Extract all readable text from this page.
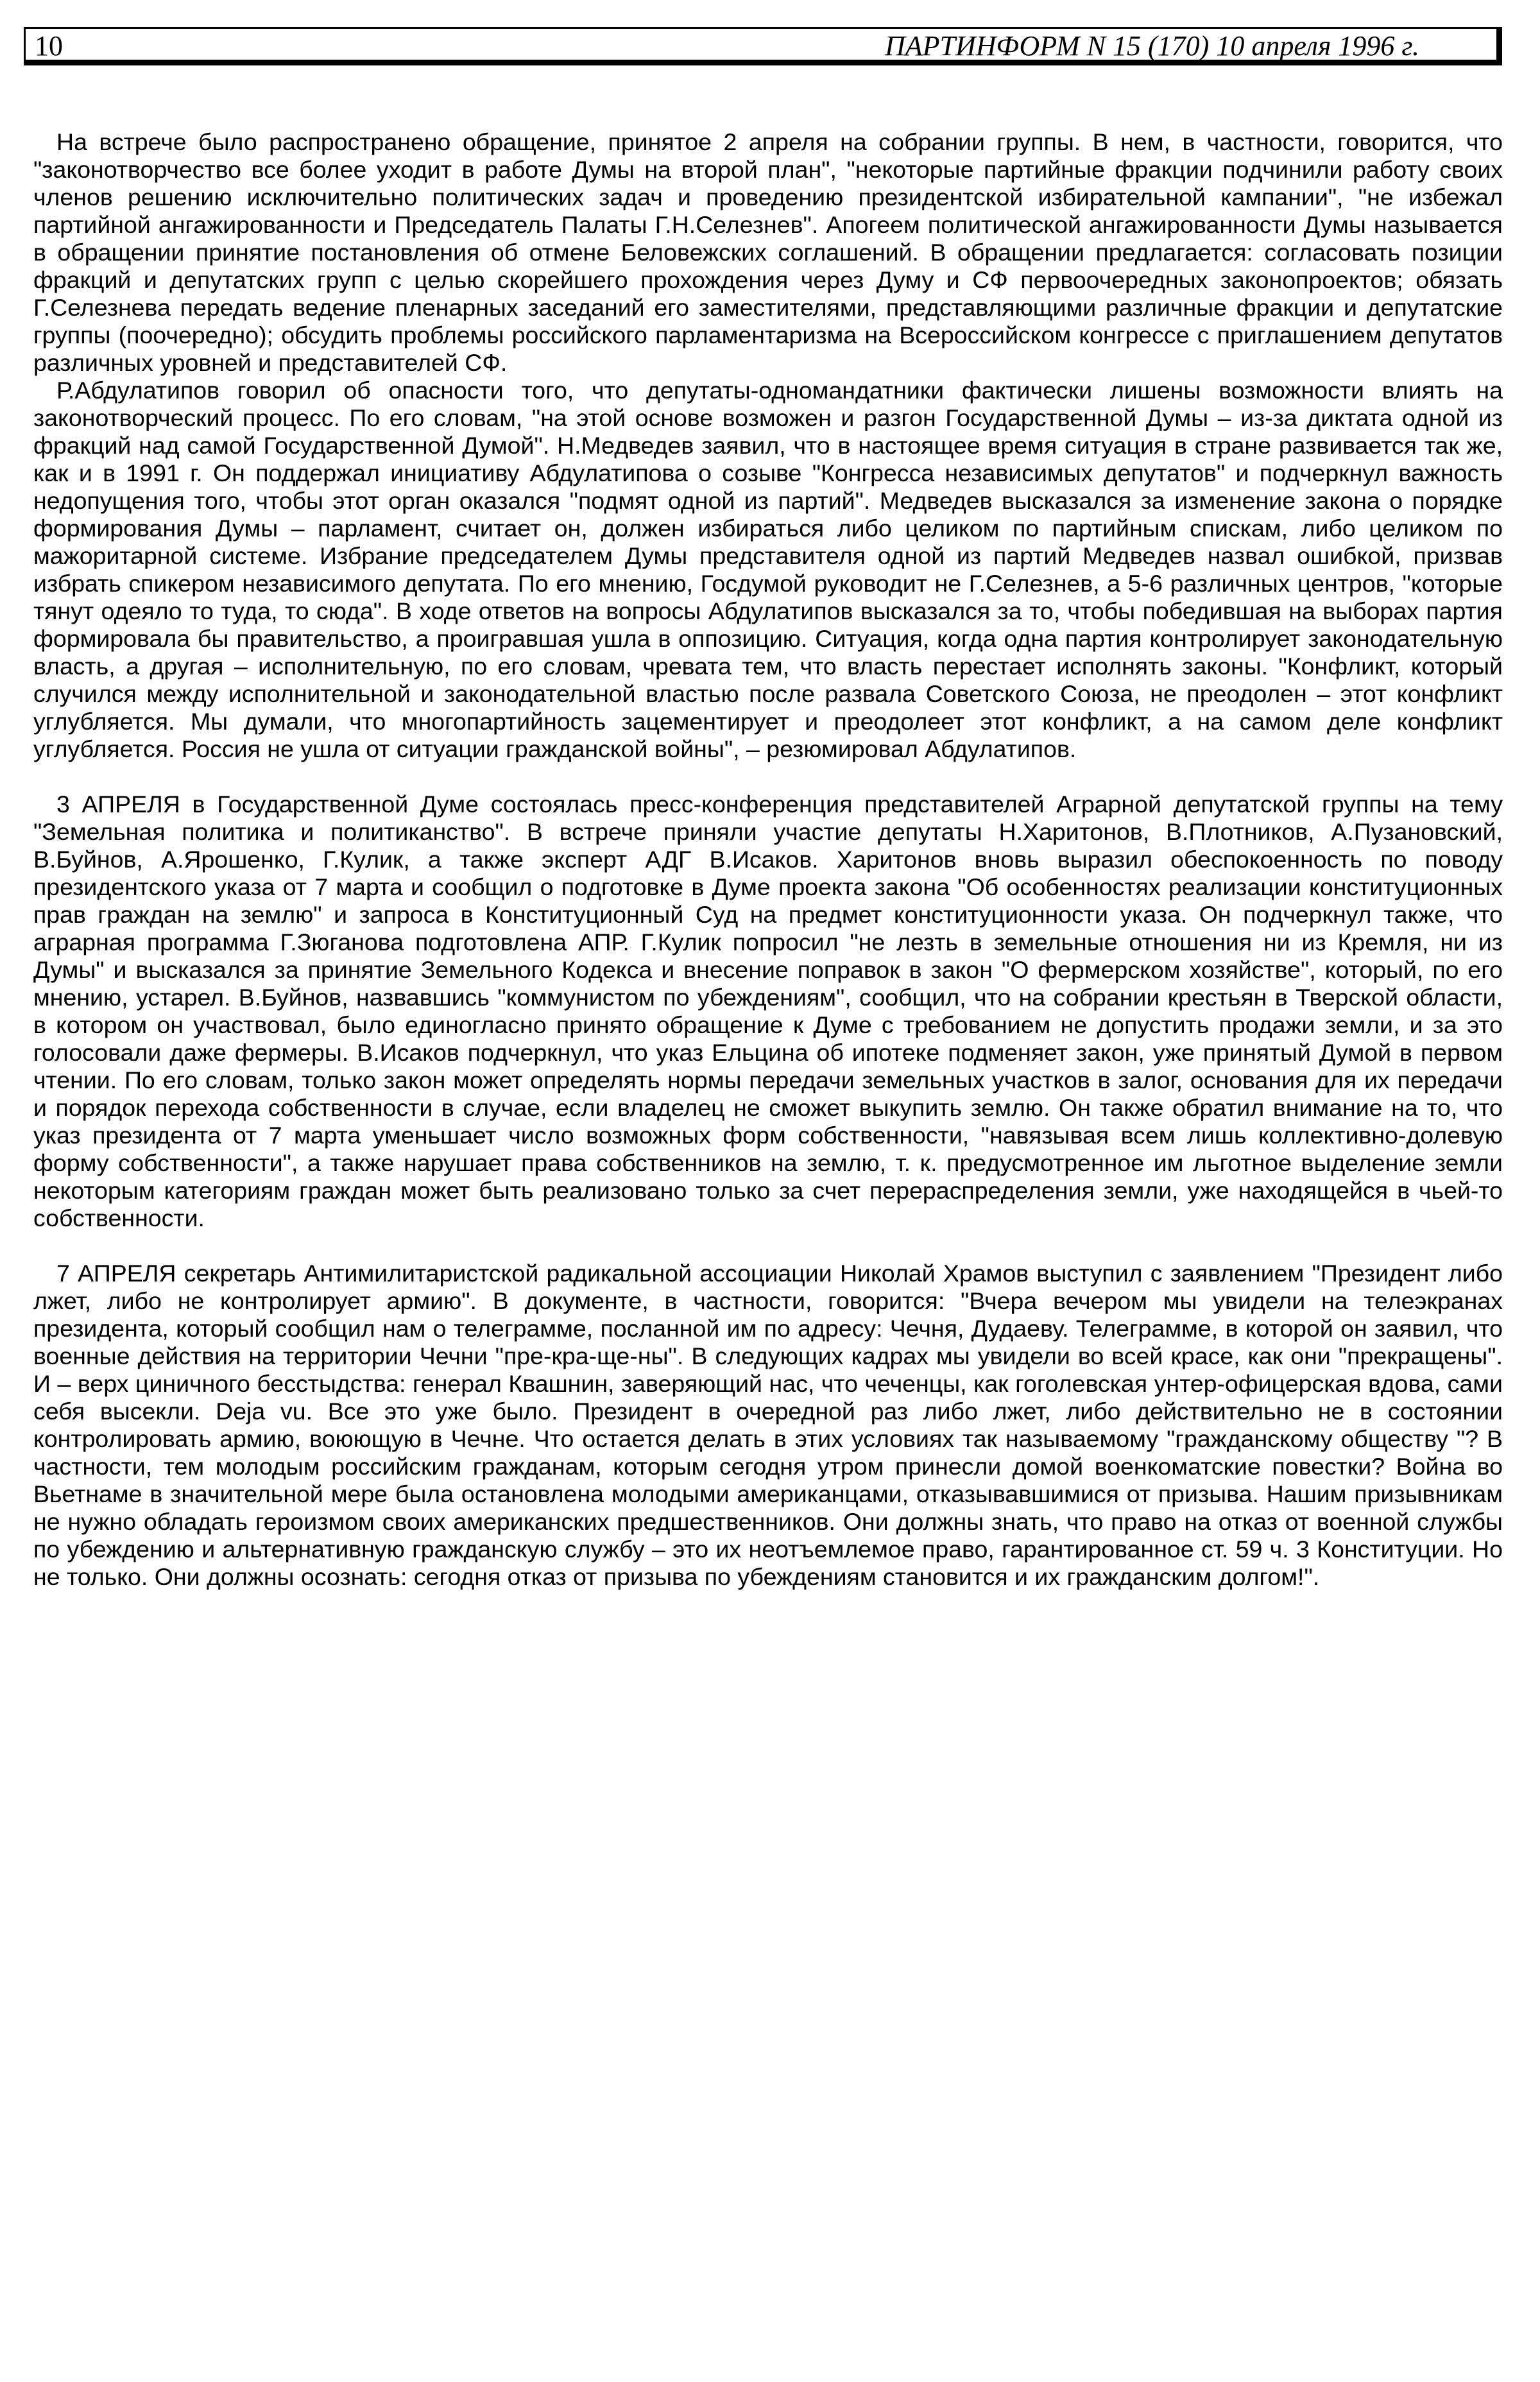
10	ПАРТИНФОРМ N 15 (170) 10 апреля 1996 г.

На встрече было распространено обращение, принятое 2 апреля на собрании группы. В нем, в частности, говорится, что "законотворчество все более уходит в работе Думы на второй план", "некоторые партийные фракции подчинили работу своих членов решению исключительно политических задач и проведению президентской избирательной кампании", "не избежал партийной ангажированности и Председатель Палаты Г.Н.Селезнев". Апогеем политической ангажированности Думы называется в обращении принятие постановления об отмене Беловежских соглашений. В обращении предлагается: согласовать позиции фракций и депутатских групп с целью скорейшего прохождения через Думу и СФ первоочередных законопроектов; обязать Г.Селезнева передать ведение пленарных заседаний его заместителями, представляющими различные фракции и депутатские группы (поочередно); обсудить проблемы российского парламентаризма на Всероссийском конгрессе с приглашением депутатов различных уровней и представителей СФ.

Р.Абдулатипов говорил об опасности того, что депутаты-одномандатники фактически лишены возможности влиять на законотворческий процесс. По его словам, "на этой основе возможен и разгон Государственной Думы – из-за диктата одной из фракций над самой Государственной Думой". Н.Медведев заявил, что в настоящее время ситуация в стране развивается так же, как и в 1991 г. Он поддержал инициативу Абдулатипова о созыве "Конгресса независимых депутатов" и подчеркнул важность недопущения того, чтобы этот орган оказался "подмят одной из партий". Медведев высказался за изменение закона о порядке формирования Думы – парламент, считает он, должен избираться либо целиком по партийным спискам, либо целиком по мажоритарной системе. Избрание председателем Думы представителя одной из партий Медведев назвал ошибкой, призвав избрать спикером независимого депутата. По его мнению, Госдумой руководит не Г.Селезнев, а 5-6 различных центров, "которые тянут одеяло то туда, то сюда". В ходе ответов на вопросы Абдулатипов высказался за то, чтобы победившая на выборах партия формировала бы правительство, а проигравшая ушла в оппозицию. Ситуация, когда одна партия контролирует законодательную власть, а другая – исполнительную, по его словам, чревата тем, что власть перестает исполнять законы. "Конфликт, который случился между исполнительной и законодательной властью после развала Советского Союза, не преодолен – этот конфликт углубляется. Мы думали, что многопартийность зацементирует и преодолеет этот конфликт, а на самом деле конфликт углубляется. Россия не ушла от ситуации гражданской войны", – резюмировал Абдулатипов.

3 АПРЕЛЯ в Государственной Думе состоялась пресс-конференция представителей Аграрной депутатской группы на тему "Земельная политика и политиканство". В встрече приняли участие депутаты Н.Харитонов, В.Плотников, А.Пузановский, В.Буйнов, А.Ярошенко, Г.Кулик, а также эксперт АДГ В.Исаков. Харитонов вновь выразил обеспокоенность по поводу президентского указа от 7 марта и сообщил о подготовке в Думе проекта закона "Об особенностях реализации конституционных прав граждан на землю" и запроса в Конституционный Суд на предмет конституционности указа. Он подчеркнул также, что аграрная программа Г.Зюганова подготовлена АПР. Г.Кулик попросил "не лезть в земельные отношения ни из Кремля, ни из Думы" и высказался за принятие Земельного Кодекса и внесение поправок в закон "О фермерском хозяйстве", который, по его мнению, устарел. В.Буйнов, назвавшись "коммунистом по убеждениям", сообщил, что на собрании крестьян в Тверской области, в котором он участвовал, было единогласно принято обращение к Думе с требованием не допустить продажи земли, и за это голосовали даже фермеры. В.Исаков подчеркнул, что указ Ельцина об ипотеке подменяет закон, уже принятый Думой в первом чтении. По его словам, только закон может определять нормы передачи земельных участков в залог, основания для их передачи и порядок перехода собственности в случае, если владелец не сможет выкупить землю. Он также обратил внимание на то, что указ президента от 7 марта уменьшает число возможных форм собственности, "навязывая всем лишь коллективно-долевую форму собственности", а также нарушает права собственников на землю, т. к. предусмотренное им льготное выделение земли некоторым категориям граждан может быть реализовано только за счет перераспределения земли, уже находящейся в чьей-то собственности.

7 АПРЕЛЯ секретарь Антимилитаристской радикальной ассоциации Николай Храмов выступил с заявлением "Президент либо лжет, либо не контролирует армию". В документе, в частности, говорится: "Вчера вечером мы увидели на телеэкранах президента, который сообщил нам о телеграмме, посланной им по адресу: Чечня, Дудаеву. Телеграмме, в которой он заявил, что военные действия на территории Чечни "пре-кра-ще-ны". В следующих кадрах мы увидели во всей красе, как они "прекращены". И – верх циничного бесстыдства: генерал Квашнин, заверяющий нас, что чеченцы, как гоголевская унтер-офицерская вдова, сами себя высекли. Deja vu. Все это уже было. Президент в очередной раз либо лжет, либо действительно не в состоянии контролировать армию, воюющую в Чечне. Что остается делать в этих условиях так называемому "гражданскому обществу "? В частности, тем молодым российским гражданам, которым сегодня утром принесли домой военкоматские повестки? Война во Вьетнаме в значительной мере была остановлена молодыми американцами, отказывавшимися от призыва. Нашим призывникам не нужно обладать героизмом своих американских предшественников. Они должны знать, что право на отказ от военной службы по убеждению и альтернативную гражданскую службу – это их неотъемлемое право, гарантированное ст. 59 ч. 3 Конституции. Но не только. Они должны осознать: сегодня отказ от призыва по убеждениям становится и их гражданским долгом!".
